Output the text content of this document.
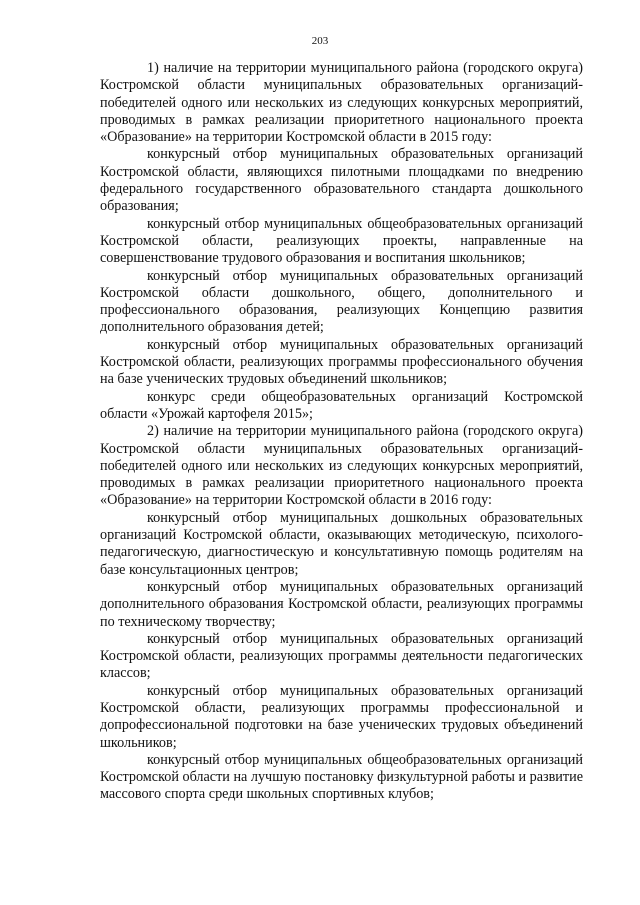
203

1) наличие на территории муниципального района (городского округа) Костромской области муниципальных образовательных организаций-победителей одного или нескольких из следующих конкурсных мероприятий, проводимых в рамках реализации приоритетного национального проекта «Образование» на территории Костромской области в 2015 году:

конкурсный отбор муниципальных образовательных организаций Костромской области, являющихся пилотными площадками по внедрению федерального государственного образовательного стандарта дошкольного образования;

конкурсный отбор муниципальных общеобразовательных организаций Костромской области, реализующих проекты, направленные на совершенствование трудового образования и воспитания школьников;

конкурсный отбор муниципальных образовательных организаций Костромской области дошкольного, общего, дополнительного и профессионального образования, реализующих Концепцию развития дополнительного образования детей;

конкурсный отбор муниципальных образовательных организаций Костромской области, реализующих программы профессионального обучения на базе ученических трудовых объединений школьников;

конкурс среди общеобразовательных организаций Костромской области «Урожай картофеля 2015»;

2) наличие на территории муниципального района (городского округа) Костромской области муниципальных образовательных организаций-победителей одного или нескольких из следующих конкурсных мероприятий, проводимых в рамках реализации приоритетного национального проекта «Образование» на территории Костромской области в 2016 году:

конкурсный отбор муниципальных дошкольных образовательных организаций Костромской области, оказывающих методическую, психолого-педагогическую, диагностическую и консультативную помощь родителям на базе консультационных центров;

конкурсный отбор муниципальных образовательных организаций дополнительного образования Костромской области, реализующих программы по техническому творчеству;

конкурсный отбор муниципальных образовательных организаций Костромской области, реализующих программы деятельности педагогических классов;

конкурсный отбор муниципальных образовательных организаций Костромской области, реализующих программы профессиональной и допрофессиональной подготовки на базе ученических трудовых объединений школьников;

конкурсный отбор муниципальных общеобразовательных организаций Костромской области на лучшую постановку физкультурной работы и развитие массового спорта среди школьных спортивных клубов;
